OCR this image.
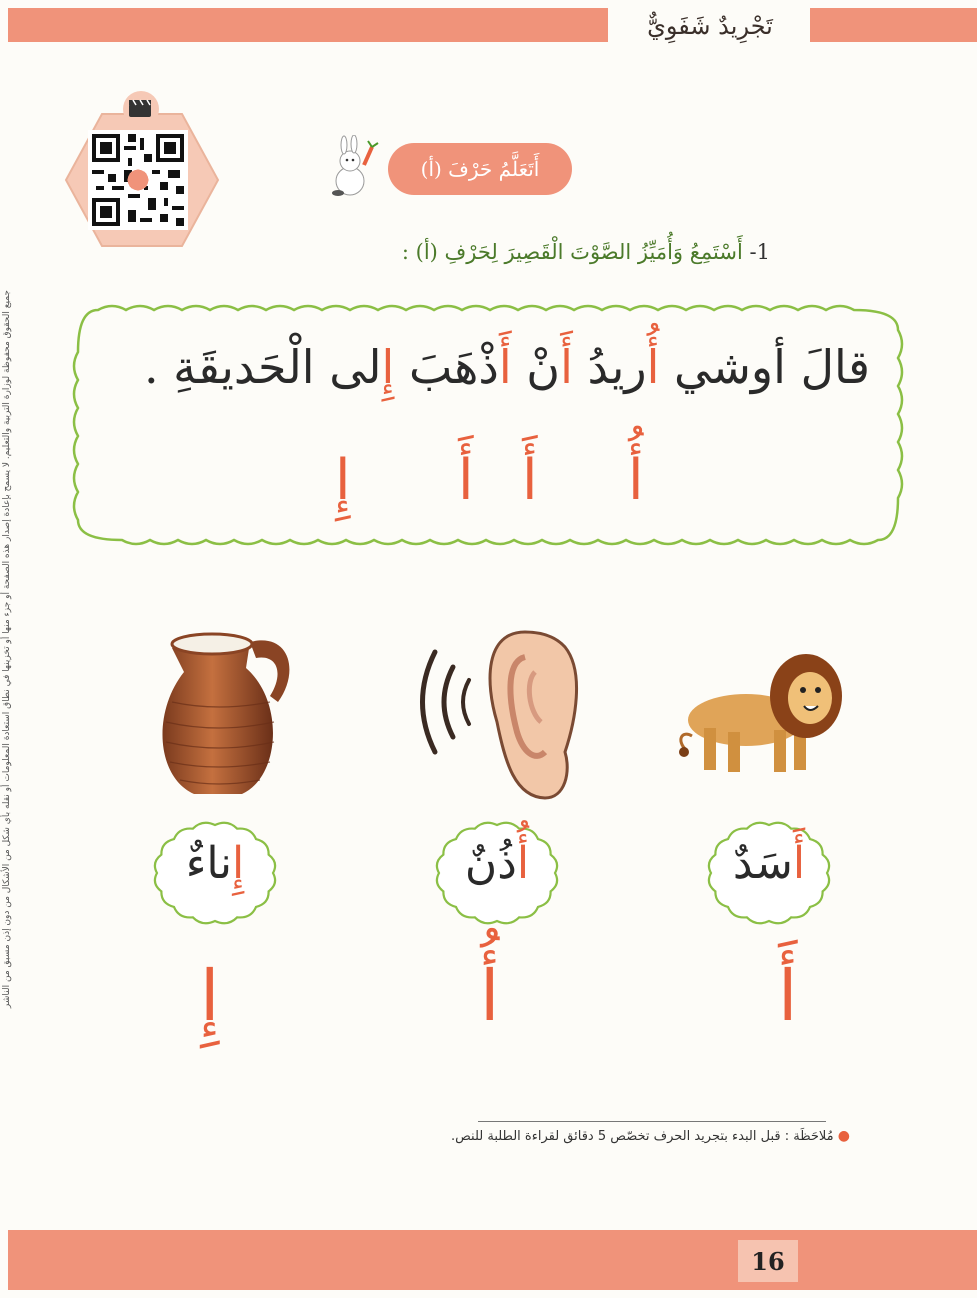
تَجْرِيدٌ شَفَوِيٌّ
جميع الحقوق محفوظة لوزارة التربية والتعليم. لا يسمح بإعادة إصدار هذه الصفحة أو جزء منها أو تخزينها في نطاق استعادة المعلومات أو نقله بأي شكل من الأشكال من دون إذن مسبق من الناشر
أَتَعَلَّمُ حَرْفَ (أ)
1- أَسْتَمِعُ وَأُمَيِّزُ الصَّوْتَ الْقَصِيرَ لِحَرْفِ (أ) :
قالَ أوشي أُريدُ أَنْ أَذْهَبَ إِلى الْحَديقَةِ .
أُ
أَ
أَ
إِ
أَسَدٌ
أُذُنٌ
إِناءٌ
أَ
أُ
إِ
● مُلاحَظَة : قبل البدء بتجريد الحرف تخصّص 5 دقائق لقراءة الطلبة للنص.
16
